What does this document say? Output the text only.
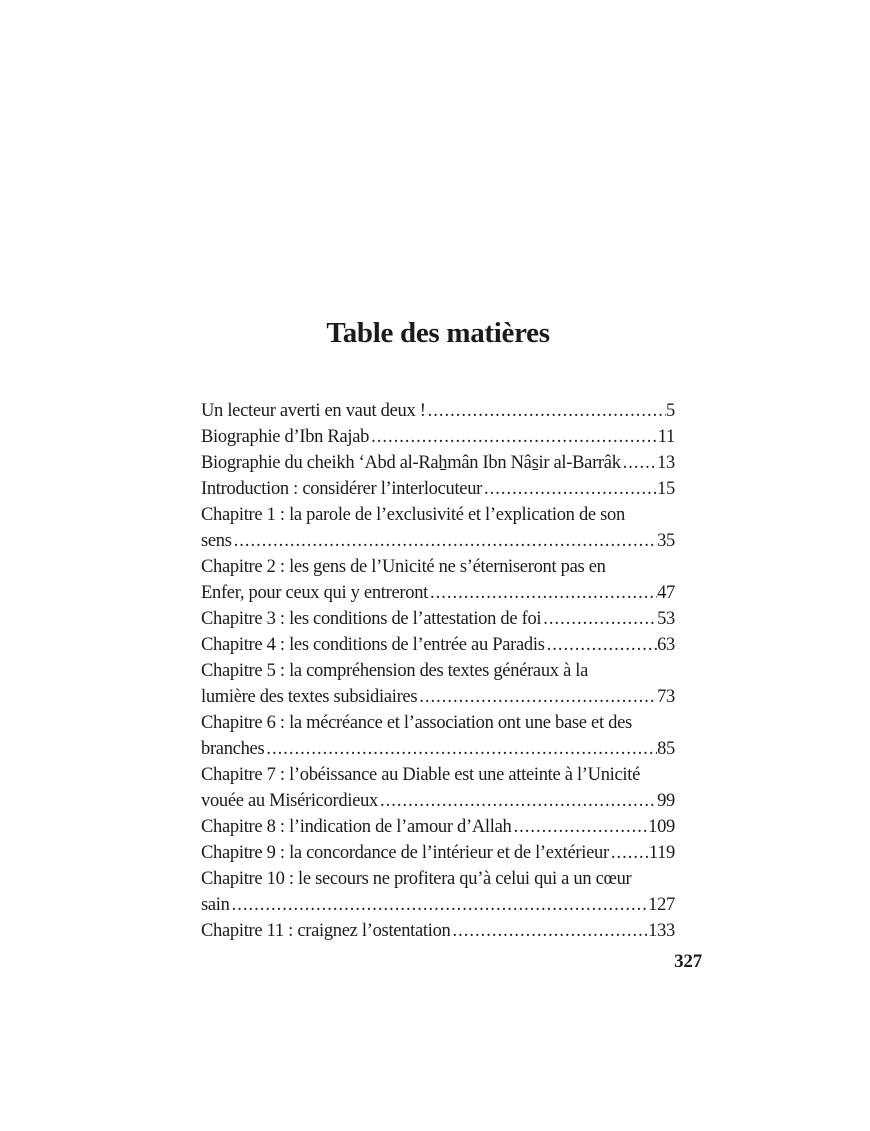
Table des matières
Un lecteur averti en vaut deux ! .....	5
Biographie d’Ibn Rajab .....	11
Biographie du cheikh ‘Abd al-Raẖmân Ibn Nâs̱ir al-Barrâk ..... 13
Introduction : considérer l’interlocuteur .....	15
Chapitre 1 : la parole de l’exclusivité et l’explication de son
sens .....	35
Chapitre 2 : les gens de l’Unicité ne s’éterniseront pas en
Enfer, pour ceux qui y entreront .....	47
Chapitre 3 : les conditions de l’attestation de foi .....	53
Chapitre 4 : les conditions de l’entrée au Paradis .....	63
Chapitre 5 : la compréhension des textes généraux à la
lumière des textes subsidiaires .....	73
Chapitre 6 : la mécréance et l’association ont une base et des
branches .....	85
Chapitre 7 : l’obéissance au Diable est une atteinte à l’Unicité
vouée au Miséricordieux .....	99
Chapitre 8 : l’indication de l’amour d’Allah .....	109
Chapitre 9 : la concordance de l’intérieur et de l’extérieur ..... 119
Chapitre 10 : le secours ne profitera qu’à celui qui a un cœur
sain .....	127
Chapitre 11 : craignez l’ostentation .....	133
327
